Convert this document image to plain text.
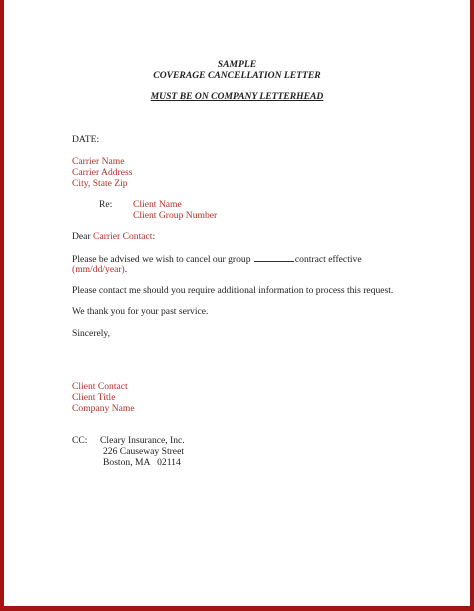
SAMPLE
COVERAGE CANCELLATION LETTER
MUST BE ON COMPANY LETTERHEAD
DATE:
Carrier Name
Carrier Address
City, State Zip
Re: Client Name
Client Group Number
Dear Carrier Contact:
Please be advised we wish to cancel our group	contract effective
(mm/dd/year).
Please contact me should you require additional information to process this request.
We thank you for your past service.
Sincerely,
Client Contact
Client Title
Company Name
CC: Cleary Insurance, Inc.
226 Causeway Street
Boston, MA   02114
